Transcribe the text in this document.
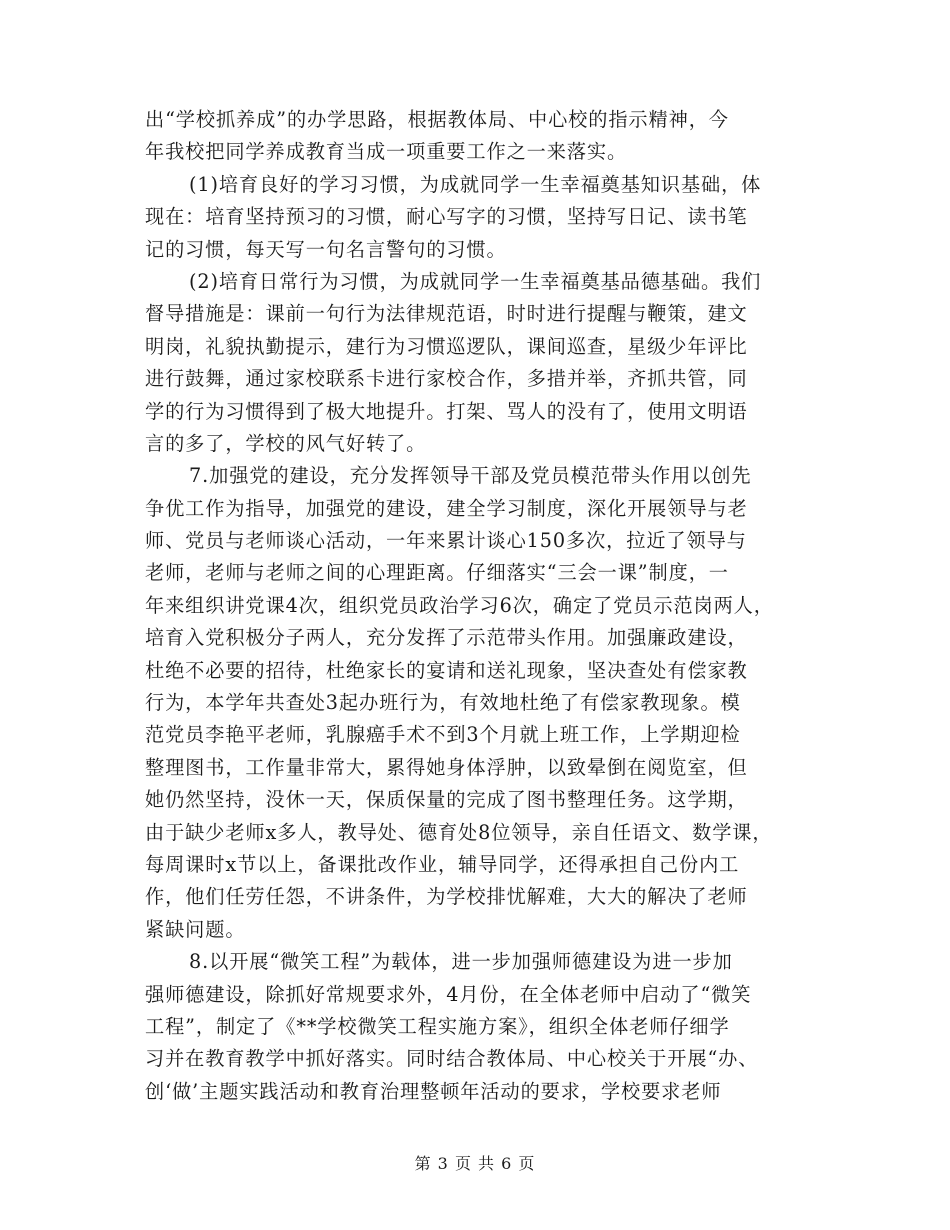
出“学校抓养成”的办学思路，根据教体局、中心校的指示精神，今
年我校把同学养成教育当成一项重要工作之一来落实。
(1)培育良好的学习习惯，为成就同学一生幸福奠基知识基础，体
现在：培育坚持预习的习惯，耐心写字的习惯，坚持写日记、读书笔
记的习惯，每天写一句名言警句的习惯。
(2)培育日常行为习惯，为成就同学一生幸福奠基品德基础。我们
督导措施是：课前一句行为法律规范语，时时进行提醒与鞭策，建文
明岗，礼貌执勤提示，建行为习惯巡逻队，课间巡查，星级少年评比
进行鼓舞，通过家校联系卡进行家校合作，多措并举，齐抓共管，同
学的行为习惯得到了极大地提升。打架、骂人的没有了，使用文明语
言的多了，学校的风气好转了。
7.加强党的建设，充分发挥领导干部及党员模范带头作用以创先
争优工作为指导，加强党的建设，建全学习制度，深化开展领导与老
师、党员与老师谈心活动，一年来累计谈心150多次，拉近了领导与
老师，老师与老师之间的心理距离。仔细落实“三会一课”制度，一
年来组织讲党课4次，组织党员政治学习6次，确定了党员示范岗两人，
培育入党积极分子两人，充分发挥了示范带头作用。加强廉政建设，
杜绝不必要的招待，杜绝家长的宴请和送礼现象，坚决查处有偿家教
行为，本学年共查处3起办班行为，有效地杜绝了有偿家教现象。模
范党员李艳平老师，乳腺癌手术不到3个月就上班工作，上学期迎检
整理图书，工作量非常大，累得她身体浮肿，以致晕倒在阅览室，但
她仍然坚持，没休一天，保质保量的完成了图书整理任务。这学期，
由于缺少老师x多人，教导处、德育处8位领导，亲自任语文、数学课，
每周课时x节以上，备课批改作业，辅导同学，还得承担自己份内工
作，他们任劳任怨，不讲条件，为学校排忧解难，大大的解决了老师
紧缺问题。
8.以开展“微笑工程”为载体，进一步加强师德建设为进一步加
强师德建设，除抓好常规要求外，4月份，在全体老师中启动了“微笑
工程”，制定了《**学校微笑工程实施方案》，组织全体老师仔细学
习并在教育教学中抓好落实。同时结合教体局、中心校关于开展“办、
创‘做’主题实践活动和教育治理整顿年活动的要求，学校要求老师
第 3 页 共 6 页
